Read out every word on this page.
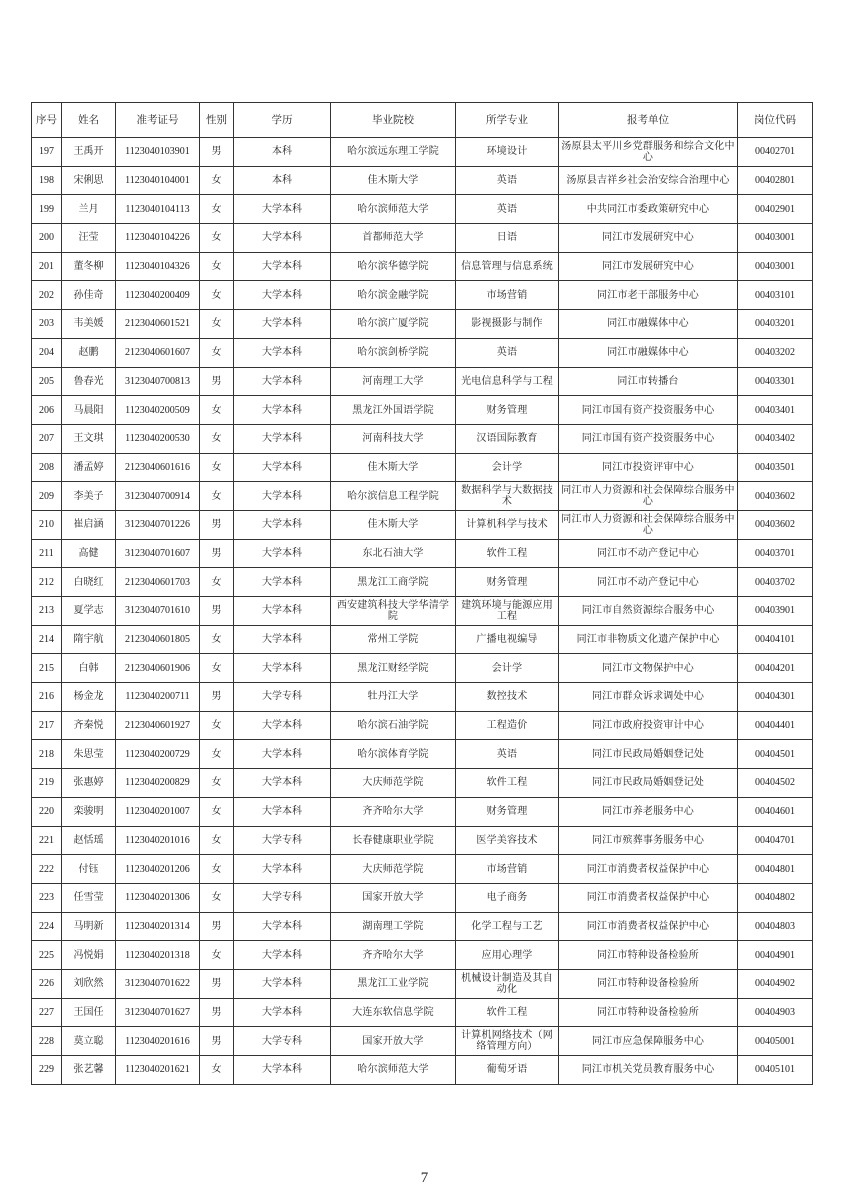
序号	姓名	准考证号	性别	学历	毕业院校	所学专业	报考单位	岗位代码
197	王禹开	1123040103901	男	本科	哈尔滨远东理工学院	环境设计	汤原县太平川乡党群服务和综合文化中心	00402701
198	宋俐思	1123040104001	女	本科	佳木斯大学	英语	汤原县吉祥乡社会治安综合治理中心	00402801
199	兰月	1123040104113	女	大学本科	哈尔滨师范大学	英语	中共同江市委政策研究中心	00402901
200	汪莹	1123040104226	女	大学本科	首都师范大学	日语	同江市发展研究中心	00403001
201	董冬柳	1123040104326	女	大学本科	哈尔滨华德学院	信息管理与信息系统	同江市发展研究中心	00403001
202	孙佳奇	1123040200409	女	大学本科	哈尔滨金融学院	市场营销	同江市老干部服务中心	00403101
203	韦美媛	2123040601521	女	大学本科	哈尔滨广厦学院	影视摄影与制作	同江市融媒体中心	00403201
204	赵鹏	2123040601607	女	大学本科	哈尔滨剑桥学院	英语	同江市融媒体中心	00403202
205	鲁春光	3123040700813	男	大学本科	河南理工大学	光电信息科学与工程	同江市转播台	00403301
206	马晨阳	1123040200509	女	大学本科	黑龙江外国语学院	财务管理	同江市国有资产投资服务中心	00403401
207	王文琪	1123040200530	女	大学本科	河南科技大学	汉语国际教育	同江市国有资产投资服务中心	00403402
208	潘孟婷	2123040601616	女	大学本科	佳木斯大学	会计学	同江市投资评审中心	00403501
209	李美子	3123040700914	女	大学本科	哈尔滨信息工程学院	数据科学与大数据技术	同江市人力资源和社会保障综合服务中心	00403602
210	崔启涵	3123040701226	男	大学本科	佳木斯大学	计算机科学与技术	同江市人力资源和社会保障综合服务中心	00403602
211	高健	3123040701607	男	大学本科	东北石油大学	软件工程	同江市不动产登记中心	00403701
212	白晓红	2123040601703	女	大学本科	黑龙江工商学院	财务管理	同江市不动产登记中心	00403702
213	夏学志	3123040701610	男	大学本科	西安建筑科技大学华清学院	建筑环境与能源应用工程	同江市自然资源综合服务中心	00403901
214	隋宇航	2123040601805	女	大学本科	常州工学院	广播电视编导	同江市非物质文化遗产保护中心	00404101
215	白韩	2123040601906	女	大学本科	黑龙江财经学院	会计学	同江市文物保护中心	00404201
216	杨金龙	1123040200711	男	大学专科	牡丹江大学	数控技术	同江市群众诉求调处中心	00404301
217	齐秦悦	2123040601927	女	大学本科	哈尔滨石油学院	工程造价	同江市政府投资审计中心	00404401
218	朱思莹	1123040200729	女	大学本科	哈尔滨体育学院	英语	同江市民政局婚姻登记处	00404501
219	张惠婷	1123040200829	女	大学本科	大庆师范学院	软件工程	同江市民政局婚姻登记处	00404502
220	栾骏明	1123040201007	女	大学本科	齐齐哈尔大学	财务管理	同江市养老服务中心	00404601
221	赵恬瑶	1123040201016	女	大学专科	长春健康职业学院	医学美容技术	同江市殡葬事务服务中心	00404701
222	付钰	1123040201206	女	大学本科	大庆师范学院	市场营销	同江市消费者权益保护中心	00404801
223	任雪莹	1123040201306	女	大学专科	国家开放大学	电子商务	同江市消费者权益保护中心	00404802
224	马明新	1123040201314	男	大学本科	湖南理工学院	化学工程与工艺	同江市消费者权益保护中心	00404803
225	冯悦娟	1123040201318	女	大学本科	齐齐哈尔大学	应用心理学	同江市特种设备检验所	00404901
226	刘欣然	3123040701622	男	大学本科	黑龙江工业学院	机械设计制造及其自动化	同江市特种设备检验所	00404902
227	王国任	3123040701627	男	大学本科	大连东软信息学院	软件工程	同江市特种设备检验所	00404903
228	莫立聪	1123040201616	男	大学专科	国家开放大学	计算机网络技术（网络管理方向）	同江市应急保障服务中心	00405001
229	张艺馨	1123040201621	女	大学本科	哈尔滨师范大学	葡萄牙语	同江市机关党员教育服务中心	00405101
7
